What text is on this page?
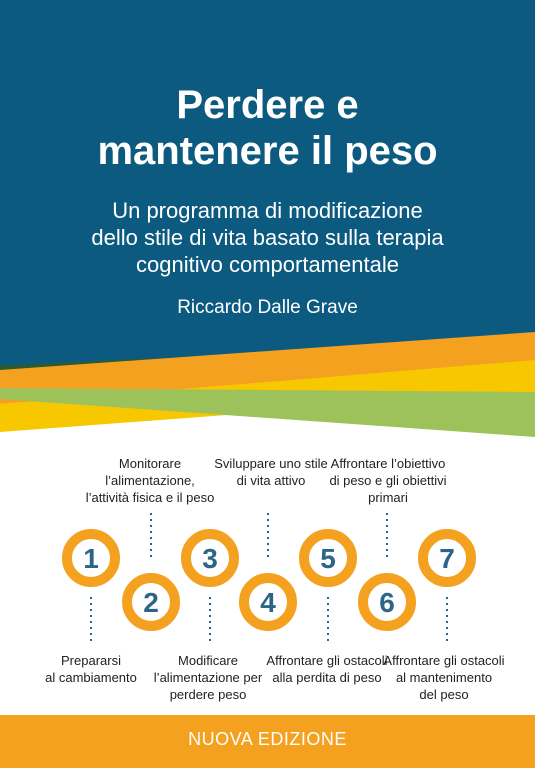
Perdere e
mantenere il peso
Un programma di modificazione
dello stile di vita basato sulla terapia
cognitivo comportamentale
Riccardo Dalle Grave
Monitorare
l’alimentazione,
l’attività fisica e il peso
Sviluppare uno stile
di vita attivo
Affrontare l’obiettivo
di peso e gli obiettivi
primari
1
2
3
4
5
6
7
Prepararsi
al cambiamento
Modificare
l’alimentazione per
perdere peso
Affrontare gli ostacoli
alla perdita di peso
Affrontare gli ostacoli
al mantenimento
del peso
NUOVA EDIZIONE
